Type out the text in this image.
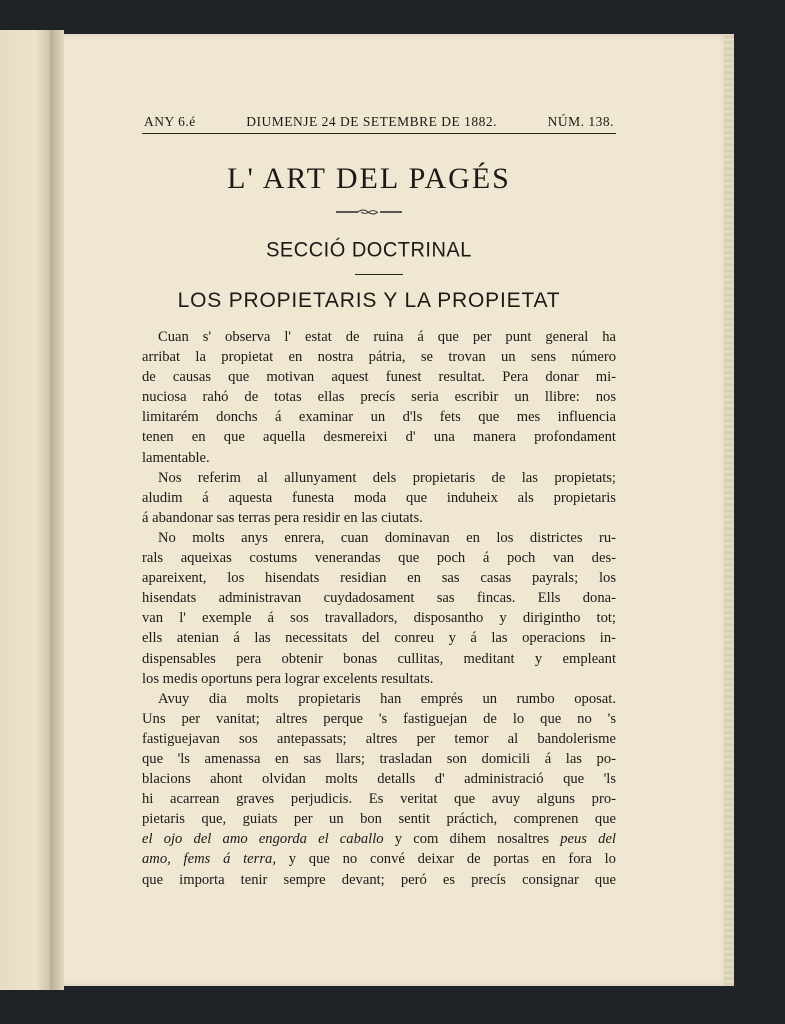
ANY 6.é	DIUMENJE 24 DE SETEMBRE DE 1882.	NÚM. 138.
L' ART DEL PAGÉS
SECCIÓ DOCTRINAL
LOS PROPIETARIS Y LA PROPIETAT
Cuan s' observa l' estat de ruina á que per punt general ha
arribat la propietat en nostra pátria, se trovan un sens número
de causas que motivan aquest funest resultat. Pera donar mi-
nuciosa rahó de totas ellas precís seria escribir un llibre: nos
limitarém donchs á examinar un d'ls fets que mes influencia
tenen en que aquella desmereixi d' una manera profondament
lamentable.
Nos referim al allunyament dels propietaris de las propietats;
aludim á aquesta funesta moda que induheix als propietaris
á abandonar sas terras pera residir en las ciutats.
No molts anys enrera, cuan dominavan en los districtes ru-
rals aqueixas costums venerandas que poch á poch van des-
apareixent, los hisendats residian en sas casas payrals; los
hisendats administravan cuydadosament sas fincas. Ells dona-
van l' exemple á sos travalladors, disposantho y dirigintho tot;
ells atenian á las necessitats del conreu y á las operacions in-
dispensables pera obtenir bonas cullitas, meditant y empleant
los medis oportuns pera lograr excelents resultats.
Avuy dia molts propietaris han emprés un rumbo oposat.
Uns per vanitat; altres perque 's fastiguejan de lo que no 's
fastiguejavan sos antepassats; altres per temor al bandolerisme
que 'ls amenassa en sas llars; trasladan son domicili á las po-
blacions ahont olvidan molts detalls d' administració que 'ls
hi acarrean graves perjudicis. Es veritat que avuy alguns pro-
pietaris que, guiats per un bon sentit práctich, comprenen que
el ojo del amo engorda el caballo y com dihem nosaltres peus del
amo, fems á terra, y que no convé deixar de portas en fora lo
que importa tenir sempre devant; peró es precís consignar que
